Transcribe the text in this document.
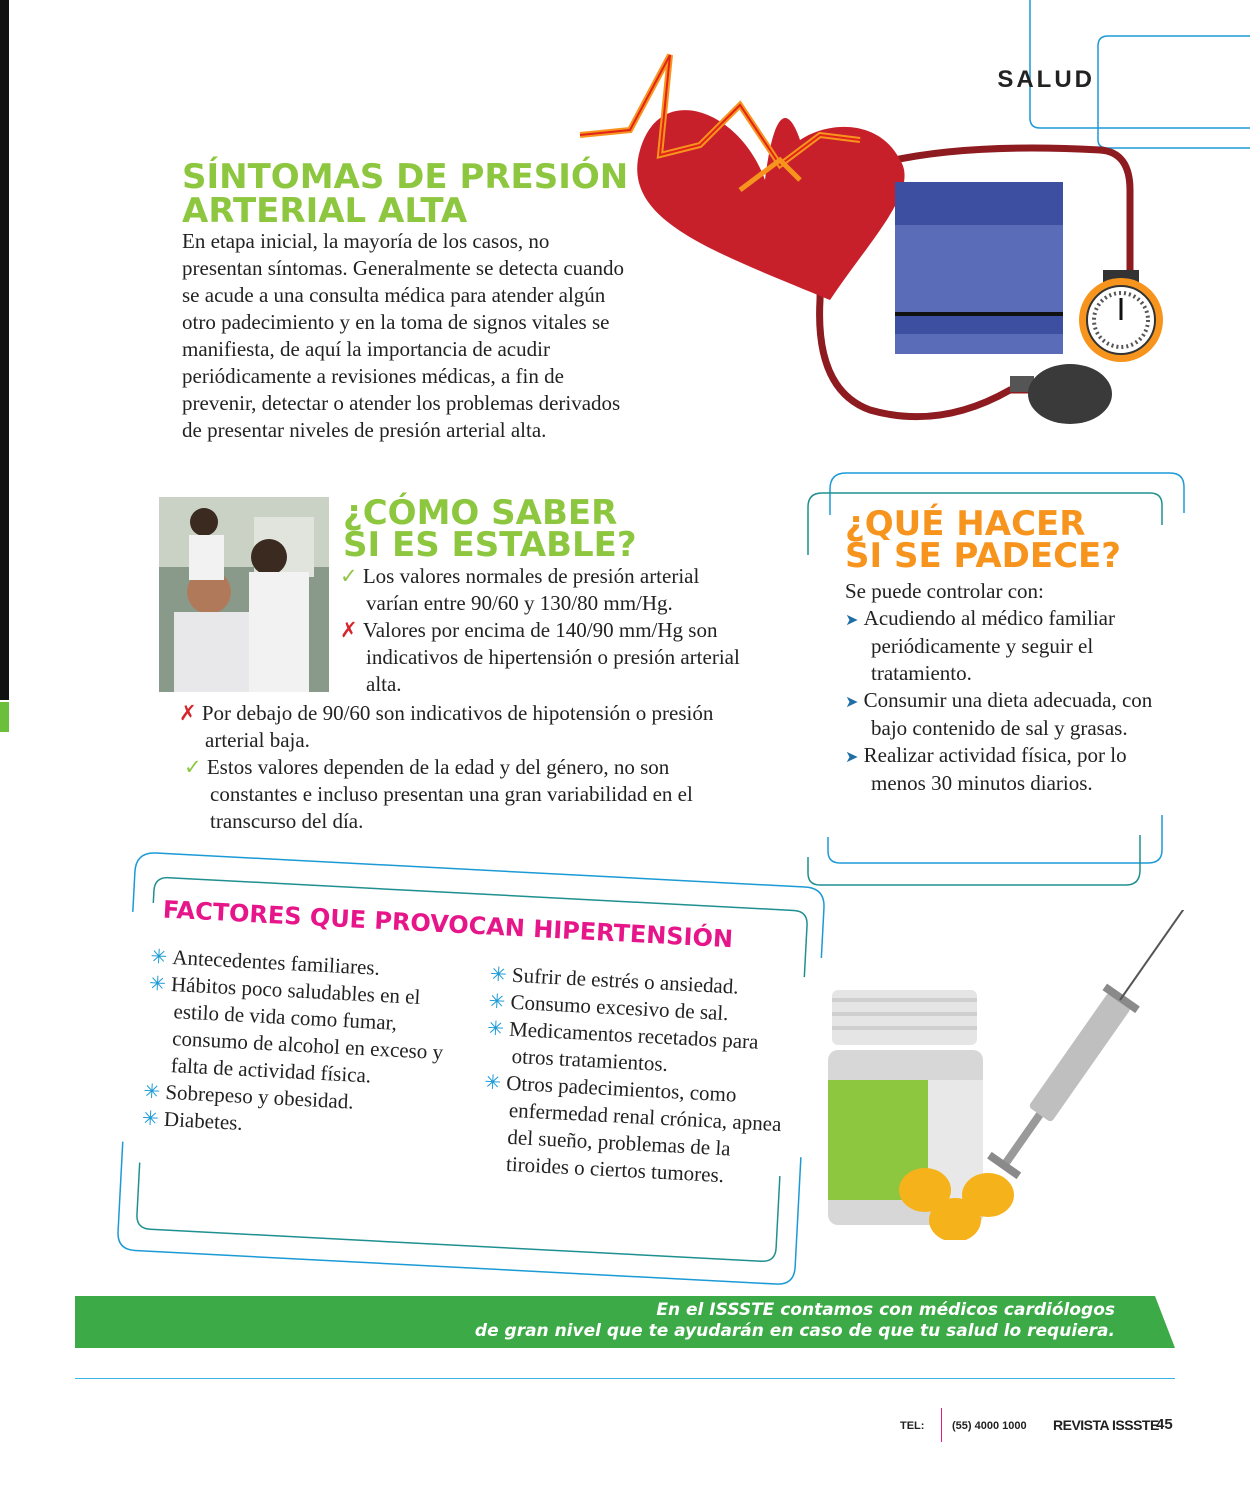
SALUD
SÍNTOMAS DE PRESIÓN
ARTERIAL ALTA

En etapa inicial, la mayoría de los casos, no presentan síntomas. Generalmente se detecta cuando se acude a una consulta médica para atender algún otro padecimiento y en la toma de signos vitales se manifiesta, de aquí la importancia de acudir periódicamente a revisiones médicas, a fin de prevenir, detectar o atender los problemas derivados de presentar niveles de presión arterial alta.

¿CÓMO SABER
SI ES ESTABLE?
✓ Los valores normales de presión arterial varían entre 90/60 y 130/80 mm/Hg.
✗ Valores por encima de 140/90 mm/Hg son indicativos de hipertensión o presión arterial alta.
✗ Por debajo de 90/60 son indicativos de hipotensión o presión arterial baja.
✓ Estos valores dependen de la edad y del género, no son constantes e incluso presentan una gran variabilidad en el transcurso del día.
¿QUÉ HACER
SI SE PADECE?
Se puede controlar con:
➤ Acudiendo al médico familiar periódicamente y seguir el tratamiento.
➤ Consumir una dieta adecuada, con bajo contenido de sal y grasas.
➤ Realizar actividad física, por lo menos 30 minutos diarios.
FACTORES QUE PROVOCAN HIPERTENSIÓN
✳ Antecedentes familiares.
✳ Hábitos poco saludables en el estilo de vida como fumar, consumo de alcohol en exceso y falta de actividad física.
✳ Sobrepeso y obesidad.
✳ Diabetes.
✳ Sufrir de estrés o ansiedad.
✳ Consumo excesivo de sal.
✳ Medicamentos recetados para otros tratamientos.
✳ Otros padecimientos, como enfermedad renal crónica, apnea del sueño, problemas de la tiroides o ciertos tumores.
En el ISSSTE contamos con médicos cardiólogos
de gran nivel que te ayudarán en caso de que tu salud lo requiera.
TEL:	(55) 4000 1000 REVISTA ISSSTE
45
